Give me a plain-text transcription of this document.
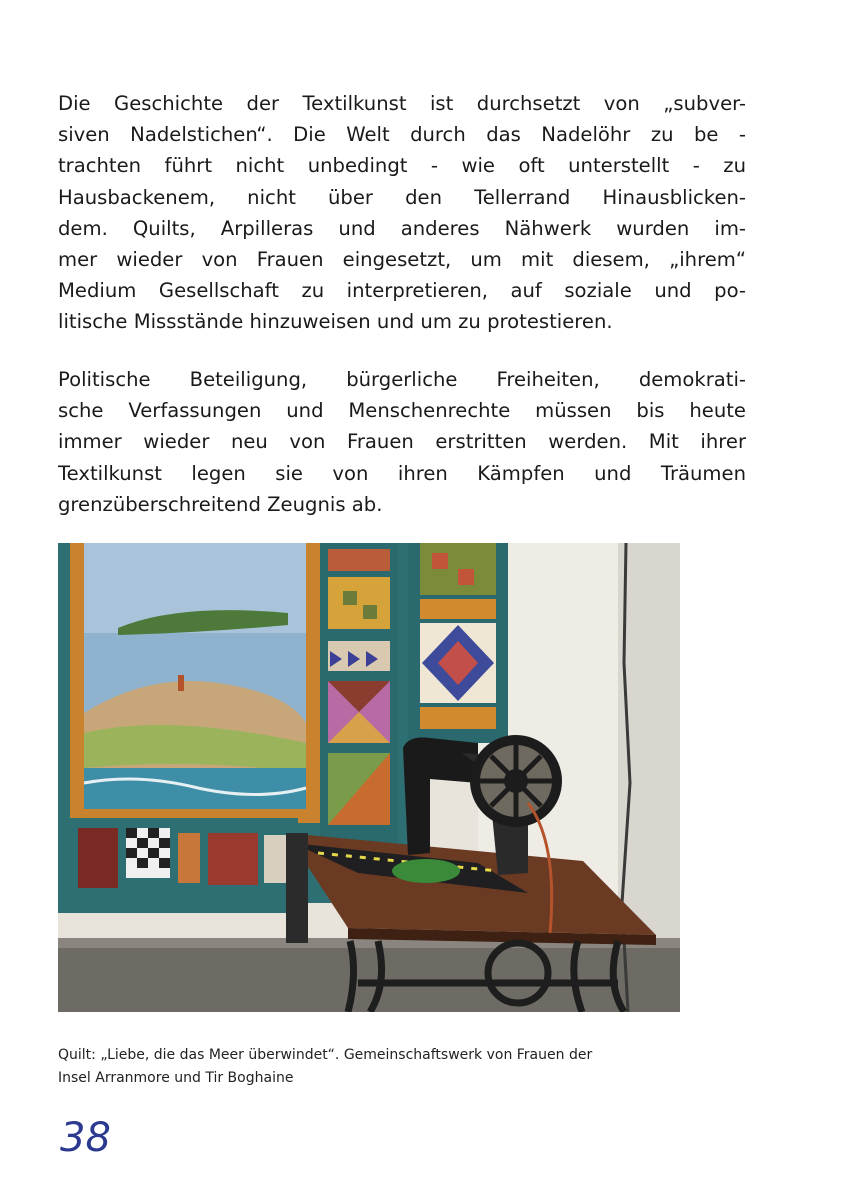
Die Geschichte der Textilkunst ist durchsetzt von „subver-
siven Nadelstichen“. Die Welt durch das Nadelöhr zu be -
trachten führt nicht unbedingt - wie oft unterstellt - zu
Hausbackenem, nicht über den Tellerrand Hinausblicken-
dem. Quilts, Arpilleras und anderes Nähwerk wurden im-
mer wieder von Frauen eingesetzt, um mit diesem, „ihrem“
Medium Gesellschaft zu interpretieren, auf soziale und po-
litische Missstände hinzuweisen und um zu protestieren.

Politische Beteiligung, bürgerliche Freiheiten, demokrati-
sche Verfassungen und Menschenrechte müssen bis heute
immer wieder neu von Frauen erstritten werden. Mit ihrer
Textilkunst legen sie von ihren Kämpfen und Träumen
grenzüberschreitend Zeugnis ab.

Quilt: „Liebe, die das Meer überwindet“. Gemeinschaftswerk von Frauen der
Insel Arranmore und Tir Boghaine
38
